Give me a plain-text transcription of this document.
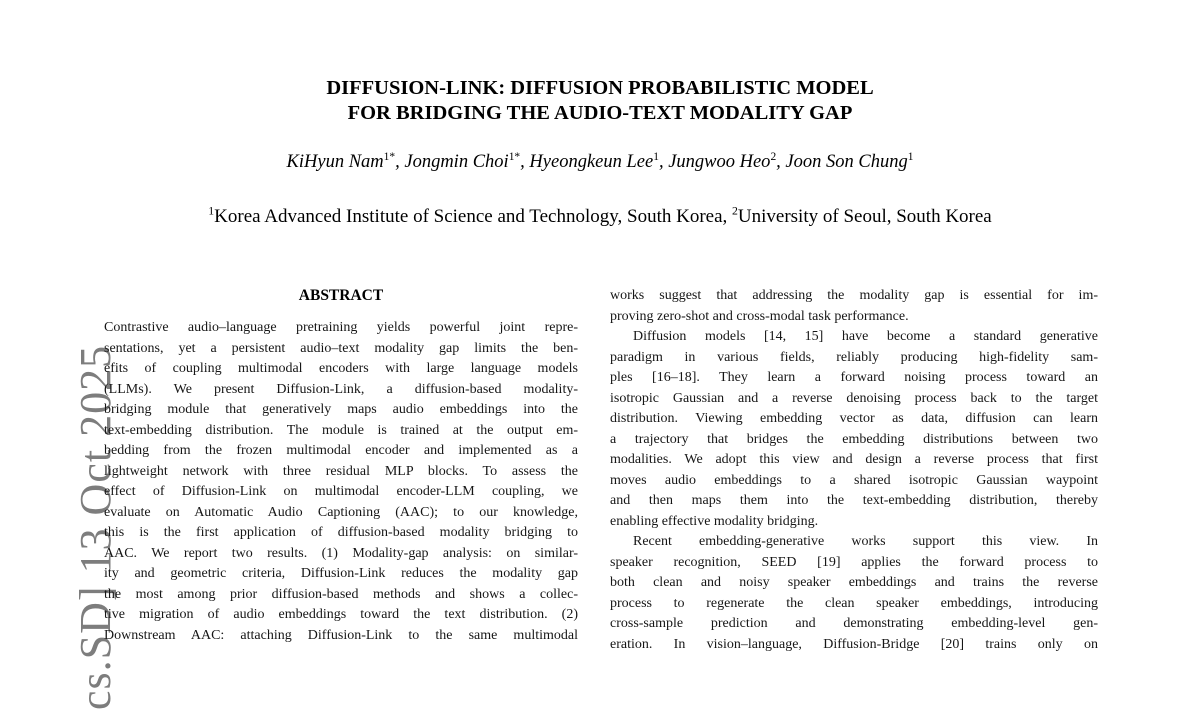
cs.SD] 13 Oct 2025
DIFFUSION-LINK: DIFFUSION PROBABILISTIC MODEL
FOR BRIDGING THE AUDIO-TEXT MODALITY GAP
KiHyun Nam$^{1*}$, Jongmin Choi$^{1*}$, Hyeongkeun Lee$^1$, Jungwoo Heo$^2$, Joon Son Chung$^1$
$^1$Korea Advanced Institute of Science and Technology, South Korea, $^2$University of Seoul, South Korea
ABSTRACT
Contrastive audio–language pretraining yields powerful joint repre-
sentations, yet a persistent audio–text modality gap limits the ben-
efits of coupling multimodal encoders with large language models
(LLMs). We present Diffusion-Link, a diffusion-based modality-
bridging module that generatively maps audio embeddings into the
text-embedding distribution. The module is trained at the output em-
bedding from the frozen multimodal encoder and implemented as a
lightweight network with three residual MLP blocks. To assess the
effect of Diffusion-Link on multimodal encoder-LLM coupling, we
evaluate on Automatic Audio Captioning (AAC); to our knowledge,
this is the first application of diffusion-based modality bridging to
AAC. We report two results. (1) Modality-gap analysis: on similar-
ity and geometric criteria, Diffusion-Link reduces the modality gap
the most among prior diffusion-based methods and shows a collec-
tive migration of audio embeddings toward the text distribution. (2)
Downstream AAC: attaching Diffusion-Link to the same multimodal
works suggest that addressing the modality gap is essential for im-
proving zero-shot and cross-modal task performance.
Diffusion models [14, 15] have become a standard generative
paradigm in various fields, reliably producing high-fidelity sam-
ples [16–18]. They learn a forward noising process toward an
isotropic Gaussian and a reverse denoising process back to the target
distribution. Viewing embedding vector as data, diffusion can learn
a trajectory that bridges the embedding distributions between two
modalities. We adopt this view and design a reverse process that first
moves audio embeddings to a shared isotropic Gaussian waypoint
and then maps them into the text-embedding distribution, thereby
enabling effective modality bridging.
Recent embedding-generative works support this view. In
speaker recognition, SEED [19] applies the forward process to
both clean and noisy speaker embeddings and trains the reverse
process to regenerate the clean speaker embeddings, introducing
cross-sample prediction and demonstrating embedding-level gen-
eration. In vision–language, Diffusion-Bridge [20] trains only on
